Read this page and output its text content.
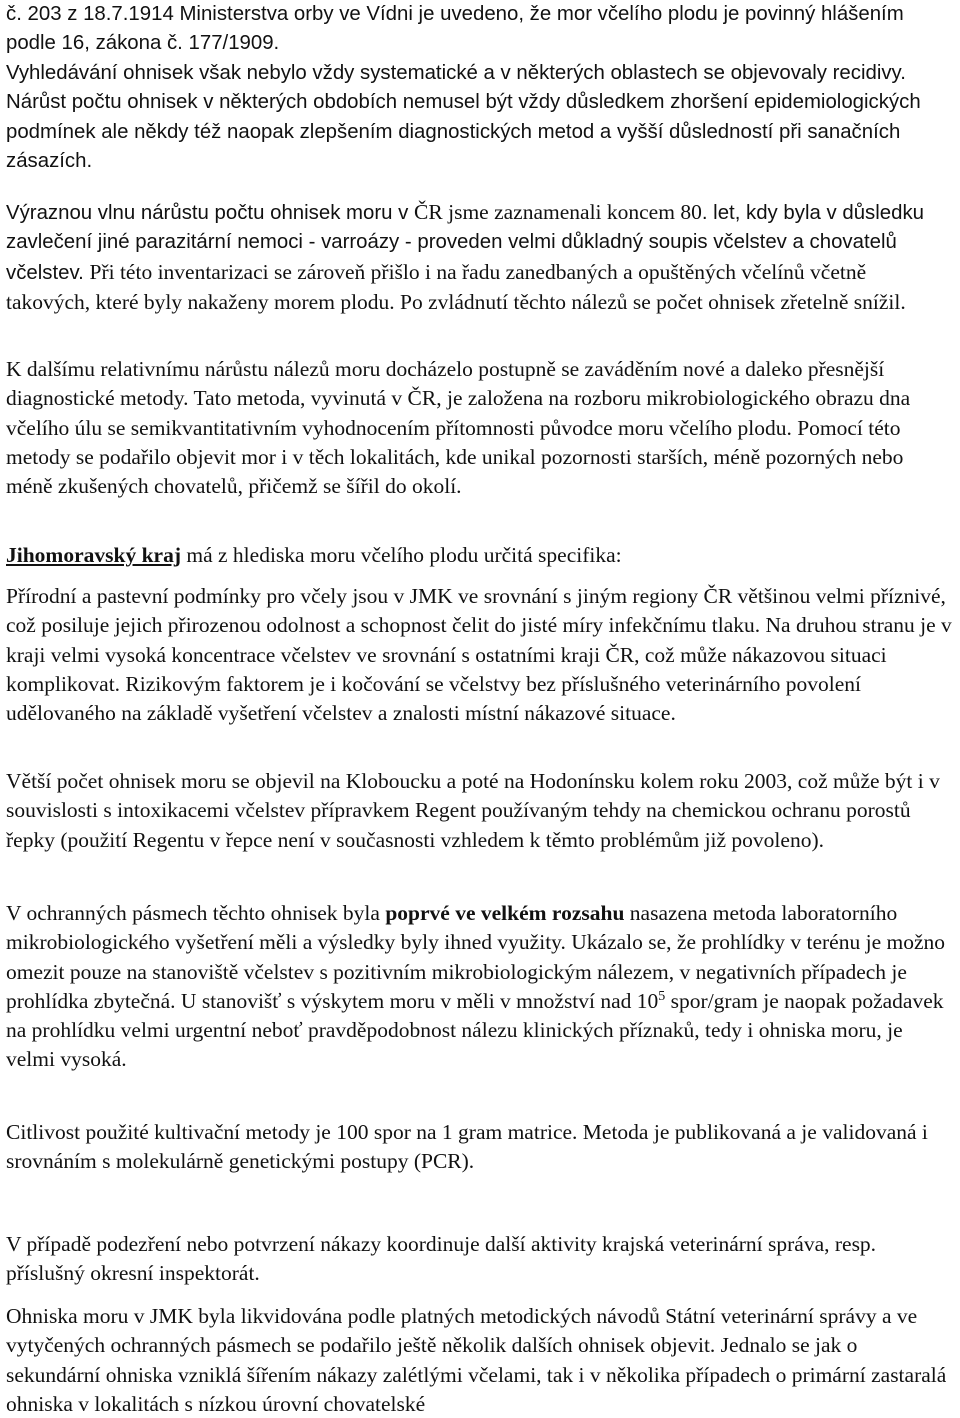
č. 203 z 18.7.1914 Ministerstva orby ve Vídni je uvedeno, že mor včelího plodu je povinný hlášením podle 16, zákona č. 177/1909.

Vyhledávání ohnisek však nebylo vždy systematické a v některých oblastech se objevovaly recidivy. Nárůst počtu ohnisek v některých obdobích nemusel být vždy důsledkem zhoršení epidemiologických podmínek ale někdy též naopak zlepšením diagnostických metod a vyšší důsledností při sanačních zásazích.

Výraznou vlnu nárůstu počtu ohnisek moru v ČR jsme zaznamenali koncem 80. let, kdy byla v důsledku zavlečení jiné parazitární nemoci - varroázy - proveden velmi důkladný soupis včelstev a chovatelů včelstev. Při této inventarizaci se zároveň přišlo i na řadu zanedbaných a opuštěných včelínů včetně takových, které byly nakaženy morem plodu. Po zvládnutí těchto nálezů se počet ohnisek zřetelně snížil.

K dalšímu relativnímu nárůstu nálezů moru docházelo postupně se zaváděním nové a daleko přesnější diagnostické metody. Tato metoda, vyvinutá v ČR, je založena na rozboru mikrobiologického obrazu dna včelího úlu se semikvantitativním vyhodnocením přítomnosti původce moru včelího plodu. Pomocí této metody se podařilo objevit mor i v těch lokalitách, kde unikal pozornosti starších, méně pozorných nebo méně zkušených chovatelů, přičemž se šířil do okolí.

Jihomoravský kraj má z hlediska moru včelího plodu určitá specifika:

Přírodní a pastevní podmínky pro včely jsou v JMK ve srovnání s jiným regiony ČR většinou velmi příznivé, což posiluje jejich přirozenou odolnost a schopnost čelit do jisté míry infekčnímu tlaku. Na druhou stranu je v kraji velmi vysoká koncentrace včelstev ve srovnání s ostatními kraji ČR, což může nákazovou situaci komplikovat. Rizikovým faktorem je i kočování se včelstvy bez příslušného veterinárního povolení udělovaného na základě vyšetření včelstev a znalosti místní nákazové situace.

Větší počet ohnisek moru se objevil na Kloboucku a poté na Hodonínsku kolem roku 2003, což může být i v souvislosti s intoxikacemi včelstev přípravkem Regent používaným tehdy na chemickou ochranu porostů řepky (použití Regentu v řepce není v současnosti vzhledem k těmto problémům již povoleno).

V ochranných pásmech těchto ohnisek byla poprvé ve velkém rozsahu nasazena metoda laboratorního mikrobiologického vyšetření měli a výsledky byly ihned využity. Ukázalo se, že prohlídky v terénu je možno omezit pouze na stanoviště včelstev s pozitivním mikrobiologickým nálezem, v negativních případech je prohlídka zbytečná. U stanovišť s výskytem moru v měli v množství nad $10^5$ spor/gram je naopak požadavek na prohlídku velmi urgentní neboť pravděpodobnost nálezu klinických příznaků, tedy i ohniska moru, je velmi vysoká.

Citlivost použité kultivační metody je 100 spor na 1 gram matrice. Metoda je publikovaná a je validovaná i srovnáním s molekulárně genetickými postupy (PCR).

V případě podezření nebo potvrzení nákazy koordinuje další aktivity krajská veterinární správa, resp. příslušný okresní inspektorát.

Ohniska moru v JMK byla likvidována podle platných metodických návodů Státní veterinární správy a ve vytyčených ochranných pásmech se podařilo ještě několik dalších ohnisek objevit. Jednalo se jak o sekundární ohniska vzniklá šířením nákazy zalétlými včelami, tak i v několika případech o primární zastaralá ohniska v lokalitách s nízkou úrovní chovatelské
